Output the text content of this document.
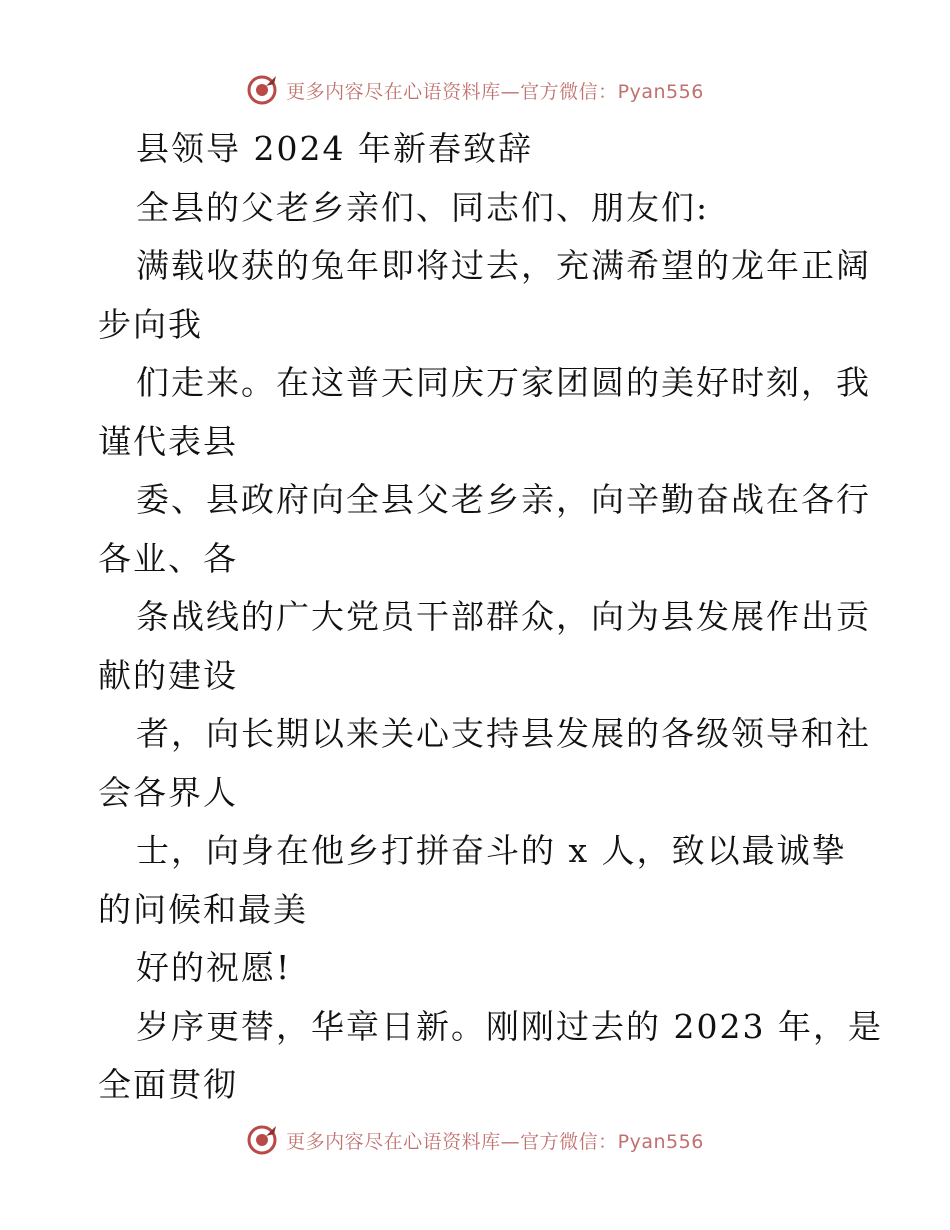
更多内容尽在心语资料库—官方微信：Pyan556
县领导 2024 年新春致辞
全县的父老乡亲们、同志们、朋友们:
满载收获的兔年即将过去，充满希望的龙年正阔
步向我
们走来。在这普天同庆万家团圆的美好时刻，我
谨代表县
委、县政府向全县父老乡亲，向辛勤奋战在各行
各业、各
条战线的广大党员干部群众，向为县发展作出贡
献的建设
者，向长期以来关心支持县发展的各级领导和社
会各界人
士，向身在他乡打拼奋斗的 x 人，致以最诚挚
的问候和最美
好的祝愿!
岁序更替，华章日新。刚刚过去的 2023 年，是
全面贯彻
更多内容尽在心语资料库—官方微信：Pyan556
